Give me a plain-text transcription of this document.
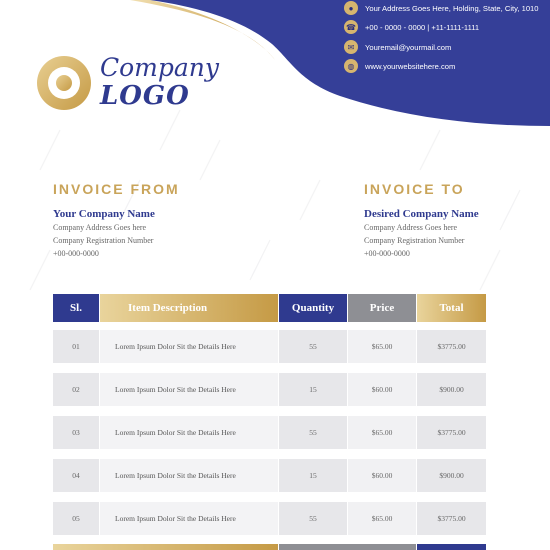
●	Your Address Goes Here, Holding, State, City, 1010
☎ +00 - 0000 - 0000 | +11-1111-1111
✉	Youremail@yourmail.com
◍	www.yourwebsitehere.com
Company
LOGO
INVOICE FROM
Your Company Name
Company Address Goes here
Company Registration Number
+00-000-0000
INVOICE TO
Desired Company Name
Company Address Goes here
Company Registration Number
+00-000-0000
Sl.	Item Description	Quantity	Price	Total
01	Lorem Ipsum Dolor Sit the Details Here	55	$65.00	$3775.00
02	Lorem Ipsum Dolor Sit the Details Here	15	$60.00	$900.00
03	Lorem Ipsum Dolor Sit the Details Here	55	$65.00	$3775.00
04	Lorem Ipsum Dolor Sit the Details Here	15	$60.00	$900.00
05	Lorem Ipsum Dolor Sit the Details Here	55	$65.00	$3775.00
